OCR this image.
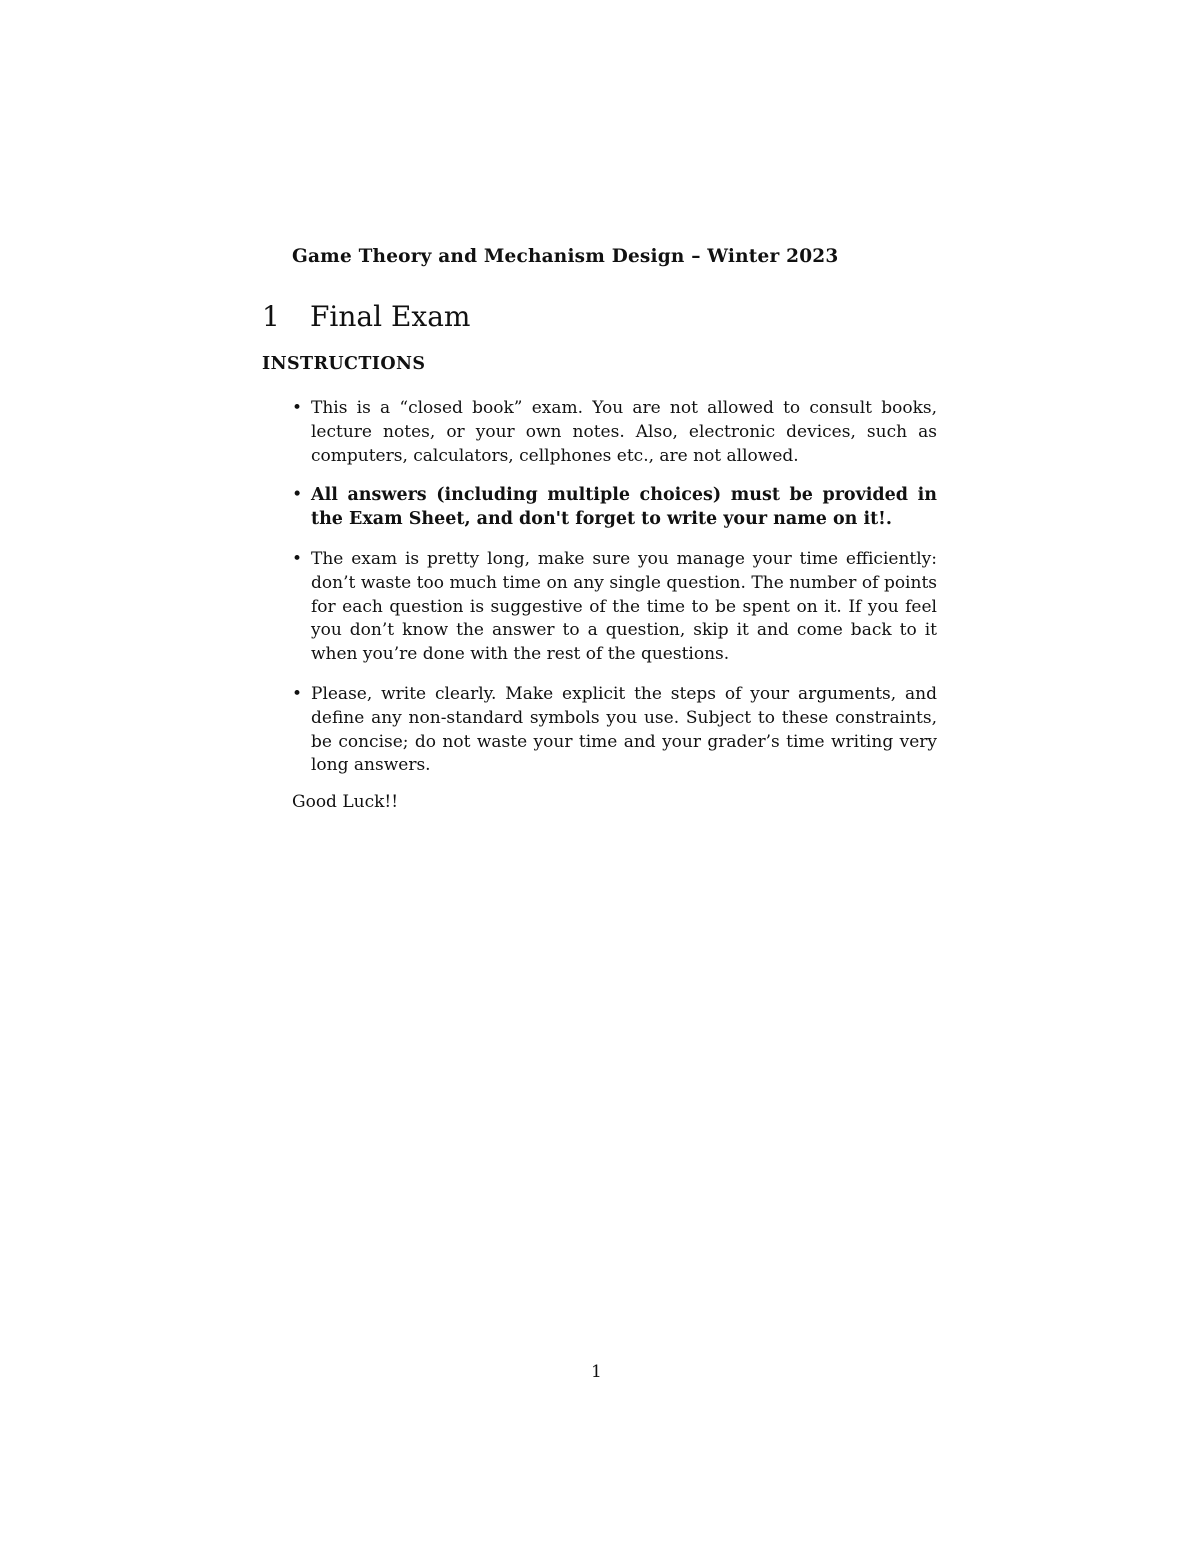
Game Theory and Mechanism Design – Winter 2023
1 Final Exam
INSTRUCTIONS
• This is a “closed book” exam. You are not allowed to consult books, lecture notes, or your own notes. Also, electronic devices, such as computers, calculators, cellphones etc., are not allowed.
• All answers (including multiple choices) must be provided in the Exam Sheet, and don't forget to write your name on it!.
• The exam is pretty long, make sure you manage your time efficiently: don’t waste too much time on any single question. The number of points for each question is suggestive of the time to be spent on it. If you feel you don’t know the answer to a question, skip it and come back to it when you’re done with the rest of the questions.
• Please, write clearly. Make explicit the steps of your arguments, and define any non-standard symbols you use. Subject to these constraints, be concise; do not waste your time and your grader’s time writing very long answers.
Good Luck!!
1
